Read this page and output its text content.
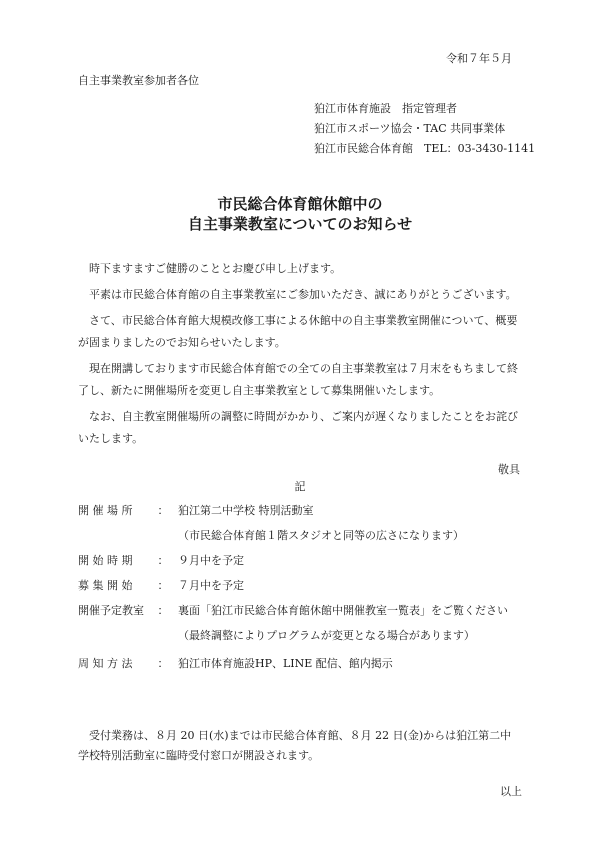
令和７年５月
自主事業教室参加者各位
狛江市体育施設　指定管理者
狛江市スポーツ協会・TAC 共同事業体
狛江市民総合体育館　TEL：03-3430-1141
市民総合体育館休館中の
自主事業教室についてのお知らせ

時下ますますご健勝のこととお慶び申し上げます。

平素は市民総合体育館の自主事業教室にご参加いただき、誠にありがとうございます。

さて、市民総合体育館大規模改修工事による休館中の自主事業教室開催について、概要が固まりましたのでお知らせいたします。

現在開講しております市民総合体育館での全ての自主事業教室は７月末をもちまして終了し、新たに開催場所を変更し自主事業教室として募集開催いたします。

なお、自主教室開催場所の調整に時間がかかり、ご案内が遅くなりましたことをお詫びいたします。

敬具
記
開 催 場 所 ： 狛江第二中学校 特別活動室
（市民総合体育館１階スタジオと同等の広さになります）
開 始 時 期 ： ９月中を予定
募 集 開 始 ： ７月中を予定
開催予定教室 ： 裏面「狛江市民総合体育館休館中開催教室一覧表」をご覧ください
（最終調整によりプログラムが変更となる場合があります）
周 知 方 法 ： 狛江市体育施設HP、LINE 配信、館内掲示
受付業務は、８月 20 日(水)までは市民総合体育館、８月 22 日(金)からは狛江第二中学校特別活動室に臨時受付窓口が開設されます。
以上
